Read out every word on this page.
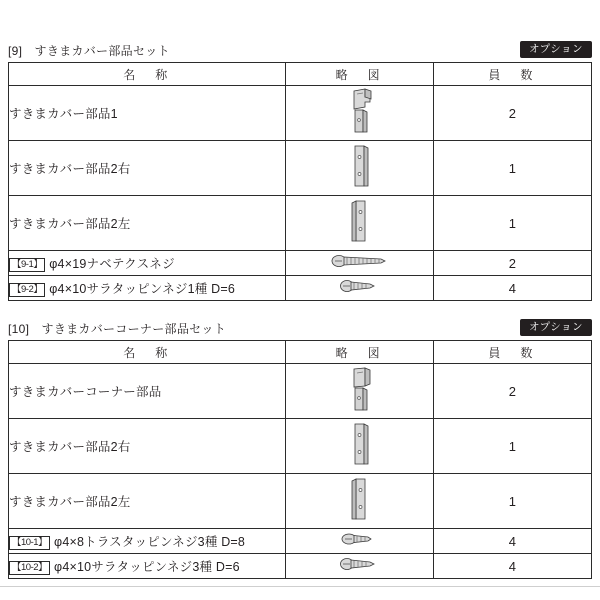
[9]　すきまカバー部品セット	オプション
名　称	略　図	員　数
すきまカバー部品1		2
すきまカバー部品2右		1
すきまカバー部品2左		1
【9-1】 φ4×19ナベテクスネジ		2
【9-2】 φ4×10サラタッピンネジ1種 D=6		4
[10]　すきまカバーコーナー部品セット	オプション
名　称	略　図	員　数
すきまカバーコーナー部品		2
すきまカバー部品2右		1
すきまカバー部品2左		1
【10-1】 φ4×8トラスタッピンネジ3種 D=8		4
【10-2】 φ4×10サラタッピンネジ3種 D=6		4
